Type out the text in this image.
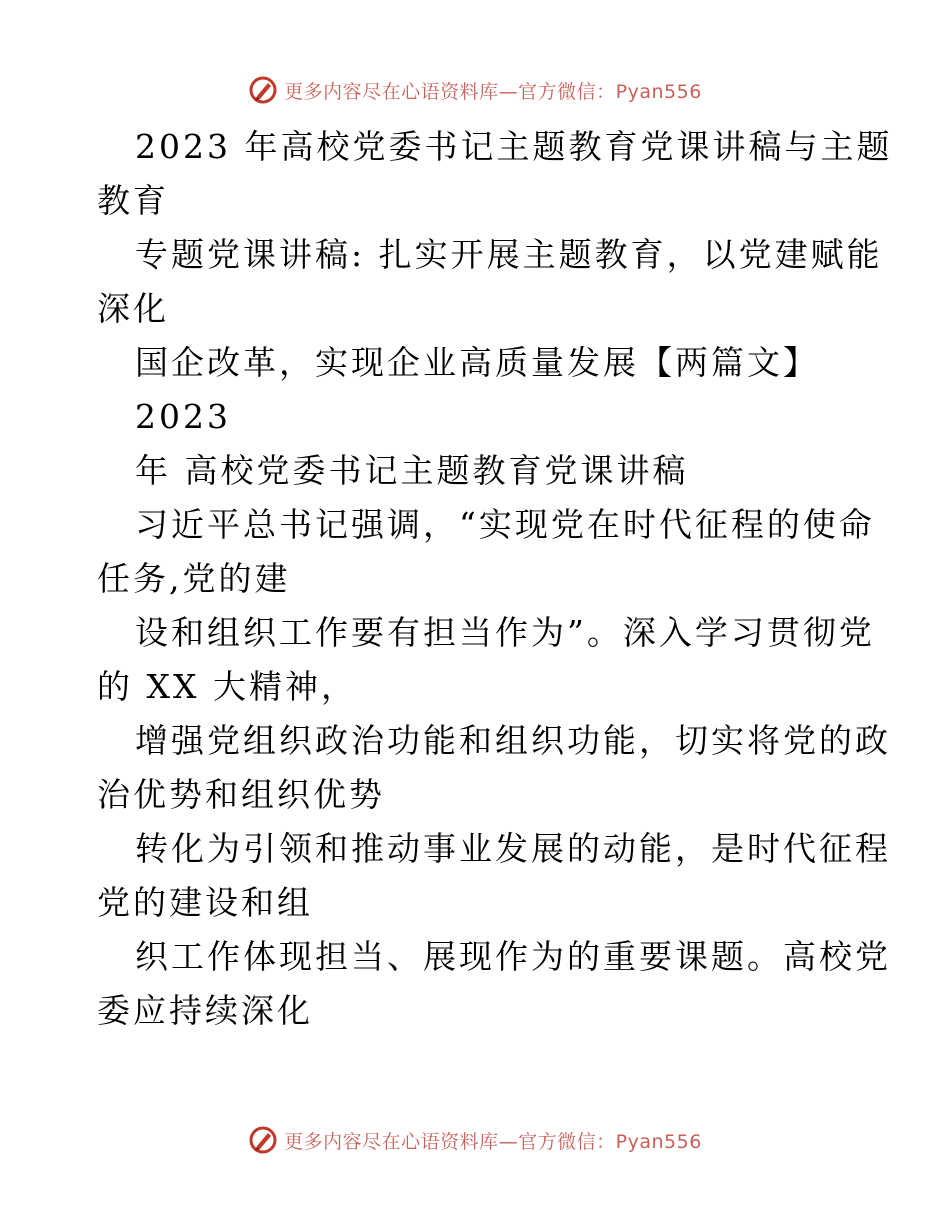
更多内容尽在心语资料库—官方微信：Pyan556
2023 年高校党委书记主题教育党课讲稿与主题
教育
专题党课讲稿: 扎实开展主题教育，以党建赋能
深化
国企改革，实现企业高质量发展【两篇文】
2023
年 高校党委书记主题教育党课讲稿
习近平总书记强调，“实现党在时代征程的使命
任务,党的建
设和组织工作要有担当作为”。深入学习贯彻党
的 XX 大精神，
增强党组织政治功能和组织功能，切实将党的政
治优势和组织优势
转化为引领和推动事业发展的动能，是时代征程
党的建设和组
织工作体现担当、展现作为的重要课题。高校党
委应持续深化
更多内容尽在心语资料库—官方微信：Pyan556
